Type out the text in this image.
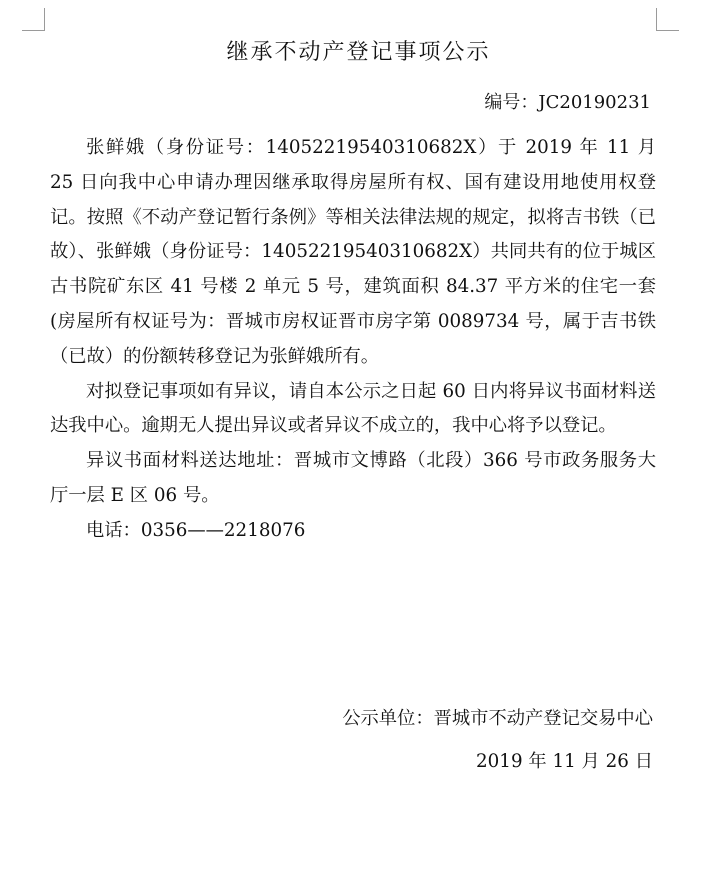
继承不动产登记事项公示
编号：JC20190231

张鲜娥（身份证号：14052219540310682X）于 2019 年 11 月 25 日向我中心申请办理因继承取得房屋所有权、国有建设用地使用权登记。按照《不动产登记暂行条例》等相关法律法规的规定，拟将吉书铁（已故）、张鲜娥（身份证号：14052219540310682X）共同共有的位于城区古书院矿东区 41 号楼 2 单元 5 号，建筑面积 84.37 平方米的住宅一套(房屋所有权证号为：晋城市房权证晋市房字第 0089734 号，属于吉书铁（已故）的份额转移登记为张鲜娥所有。

对拟登记事项如有异议，请自本公示之日起 60 日内将异议书面材料送达我中心。逾期无人提出异议或者异议不成立的，我中心将予以登记。

异议书面材料送达地址：晋城市文博路（北段）366 号市政务服务大厅一层 E 区 06 号。

电话：0356——2218076

公示单位：晋城市不动产登记交易中心
2019 年 11 月 26 日
